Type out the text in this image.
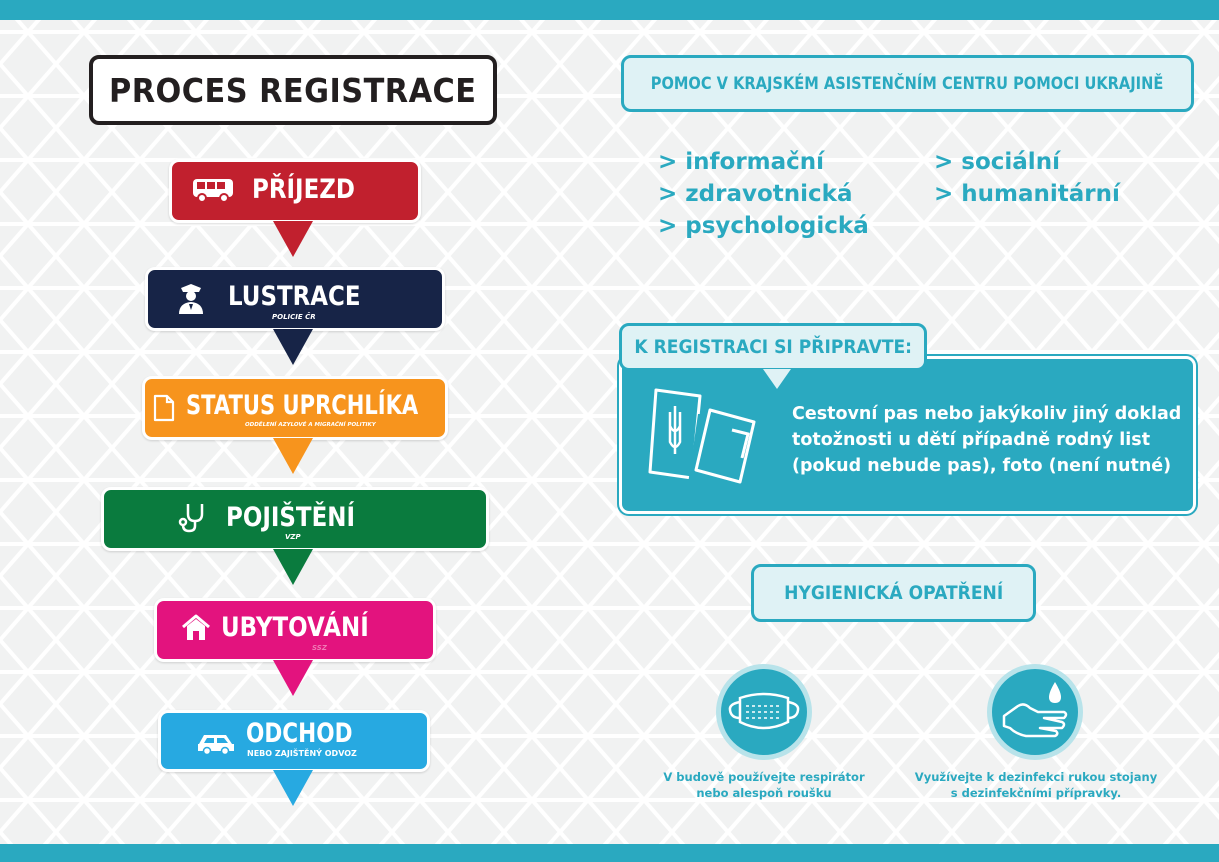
PROCES REGISTRACE
PŘÍJEZD
LUSTRACE
POLICIE ČR
STATUS UPRCHLÍKA
ODDĚLENÍ AZYLOVÉ A MIGRAČNÍ POLITIKY
POJIŠTĚNÍ
VZP
UBYTOVÁNÍ
SSZ
ODCHOD
NEBO ZAJIŠTĚNÝ ODVOZ
POMOC V KRAJSKÉM ASISTENČNÍM CENTRU POMOCI UKRAJINĚ
> informační
> zdravotnická
> psychologická
> sociální
> humanitární
K REGISTRACI SI PŘIPRAVTE:
Cestovní pas nebo jakýkoliv jiný doklad
totožnosti u dětí případně rodný list
(pokud nebude pas), foto (není nutné)
HYGIENICKÁ OPATŘENÍ
V budově používejte respirátor
nebo alespoň roušku
Využívejte k dezinfekci rukou stojany
s dezinfekčními přípravky.
